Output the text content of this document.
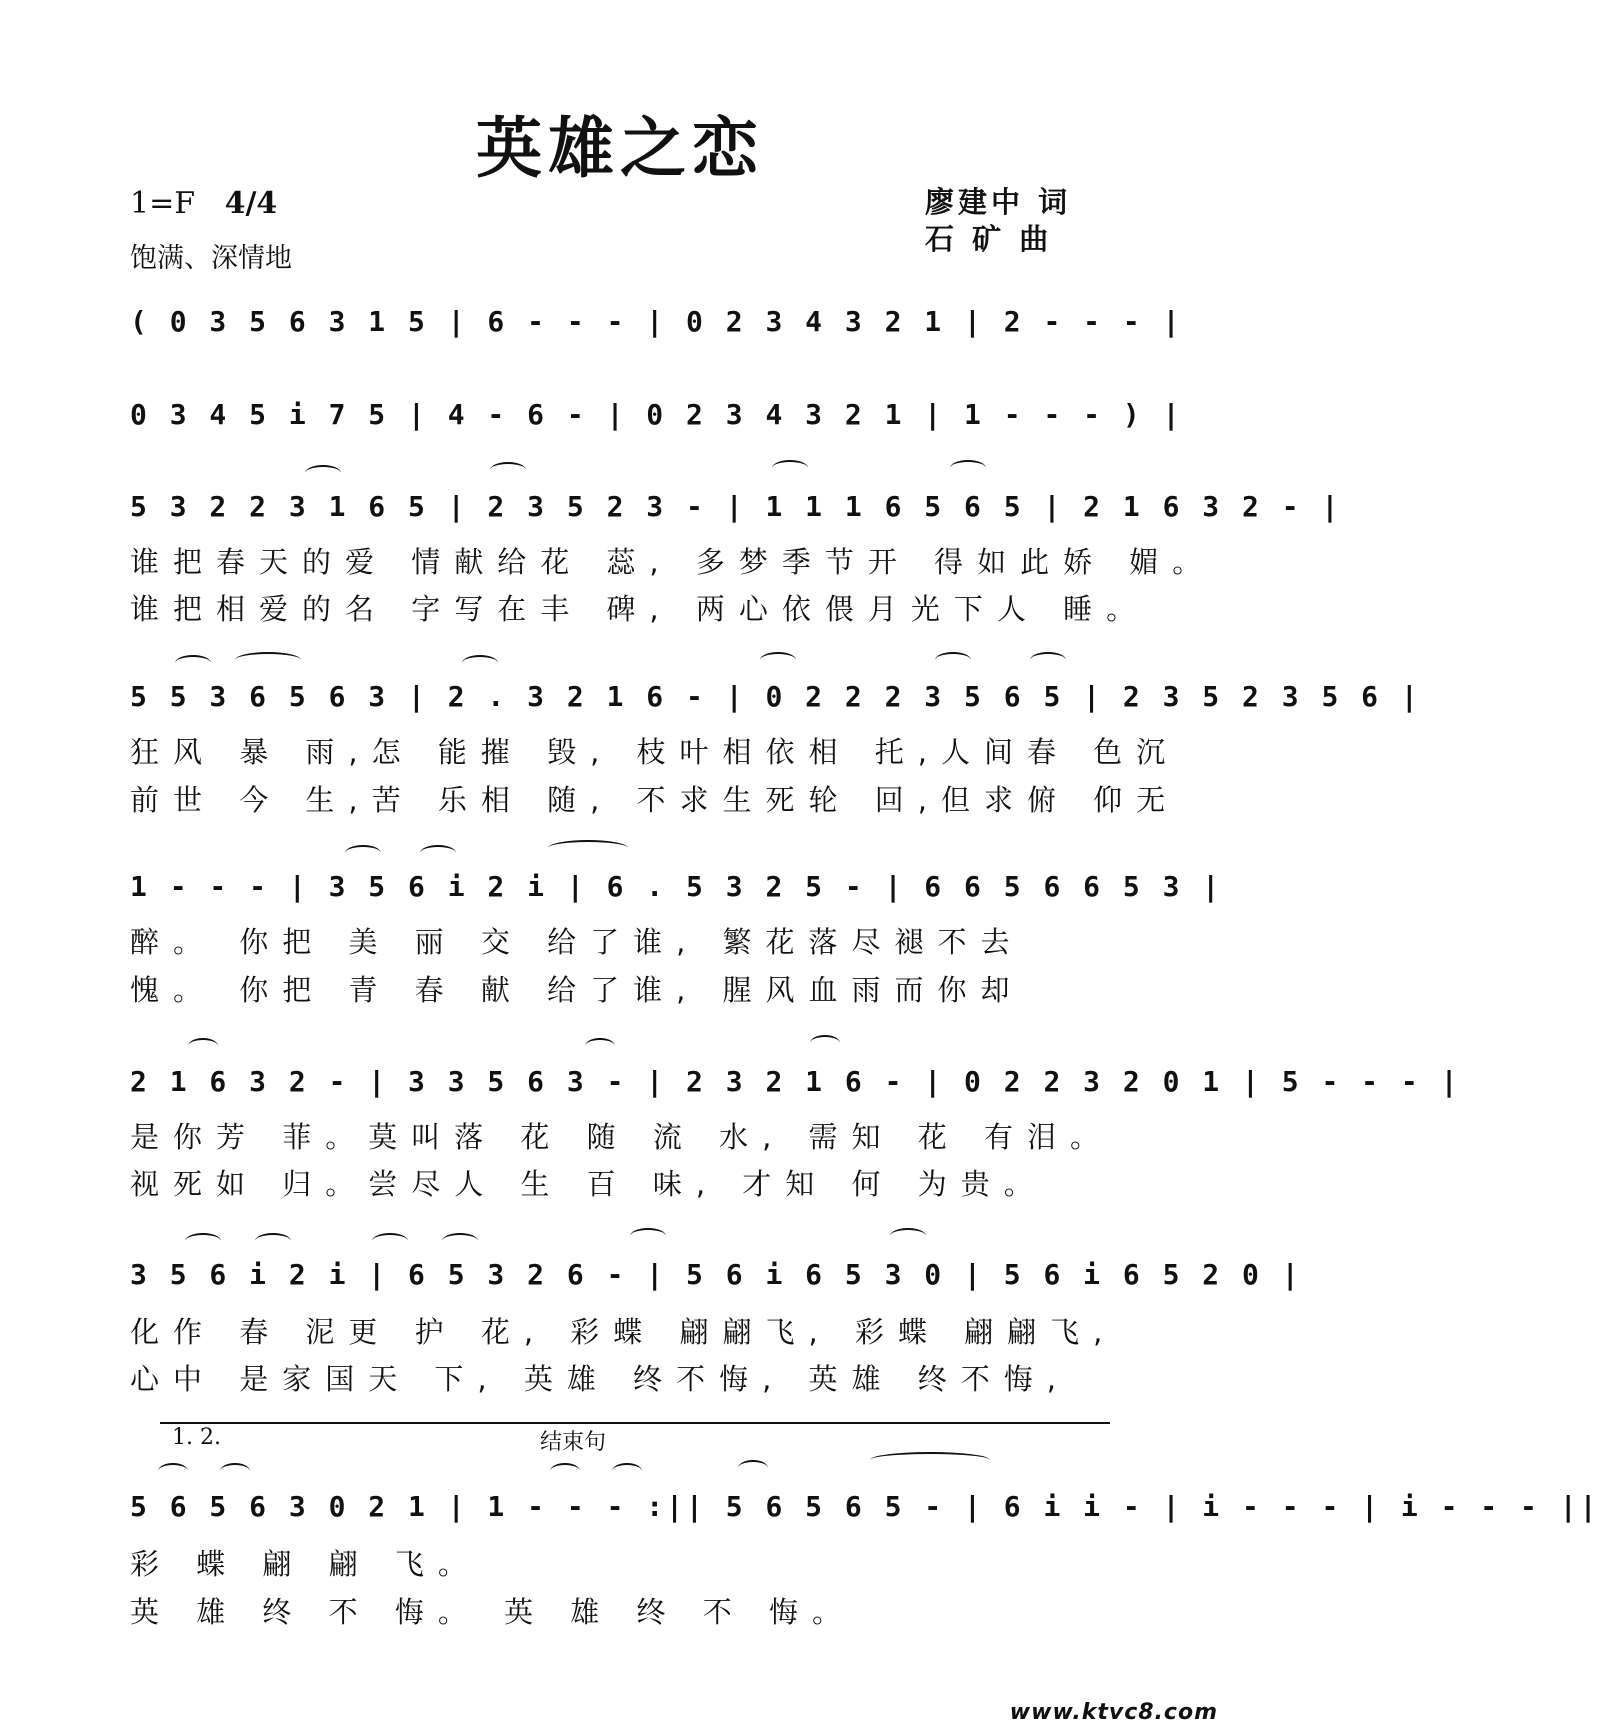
英雄之恋
1=F 4/4
饱满、深情地
廖建中 词
石 矿 曲
( 0 3 5 6 3 1 5 | 6 - - - | 0 2 3 4 3 2 1 | 2 - - - |
0 3 4 5 i 7 5 | 4 - 6 - | 0 2 3 4 3 2 1 | 1 - - - ) |
5 3 2 2 3 1 6 5 | 2 3 5 2 3 - | 1 1 1 6 5 6 5 | 2 1 6 3 2 - |
谁把春天的爱 情献给花 蕊, 多梦季节开 得如此娇 媚。
谁把相爱的名 字写在丰 碑, 两心依偎月光下人 睡。
5 5 3 6 5 6 3 | 2 . 3 2 1 6 - | 0 2 2 2 3 5 6 5 | 2 3 5 2 3 5 6 |
狂风 暴 雨,怎 能摧 毁, 枝叶相依相 托,人间春 色沉
前世 今 生,苦 乐相 随, 不求生死轮 回,但求俯 仰无
1 - - - | 3 5 6 i 2 i | 6 . 5 3 2 5 - | 6 6 5 6 6 5 3 |
醉。 你把 美 丽 交 给了谁, 繁花落尽褪不去
愧。 你把 青 春 献 给了谁, 腥风血雨而你却
2 1 6 3 2 - | 3 3 5 6 3 - | 2 3 2 1 6 - | 0 2 2 3 2 0 1 | 5 - - - |
是你芳 菲。莫叫落 花 随 流 水, 需知 花 有泪。
视死如 归。尝尽人 生 百 味, 才知 何 为贵。
3 5 6 i 2 i | 6 5 3 2 6 - | 5 6 i 6 5 3 0 | 5 6 i 6 5 2 0 |
化作 春 泥更 护 花, 彩蝶 翩翩飞, 彩蝶 翩翩飞,
心中 是家国天 下, 英雄 终不悔, 英雄 终不悔,
1. 2.	结束句
5 6 5 6 3 0 2 1 | 1 - - - :|| 5 6 5 6 5 - | 6 i i - | i - - - | i - - - ||
彩 蝶 翩 翩 飞。
英 雄 终 不 悔。 英 雄 终 不 悔。
www.ktvc8.com
